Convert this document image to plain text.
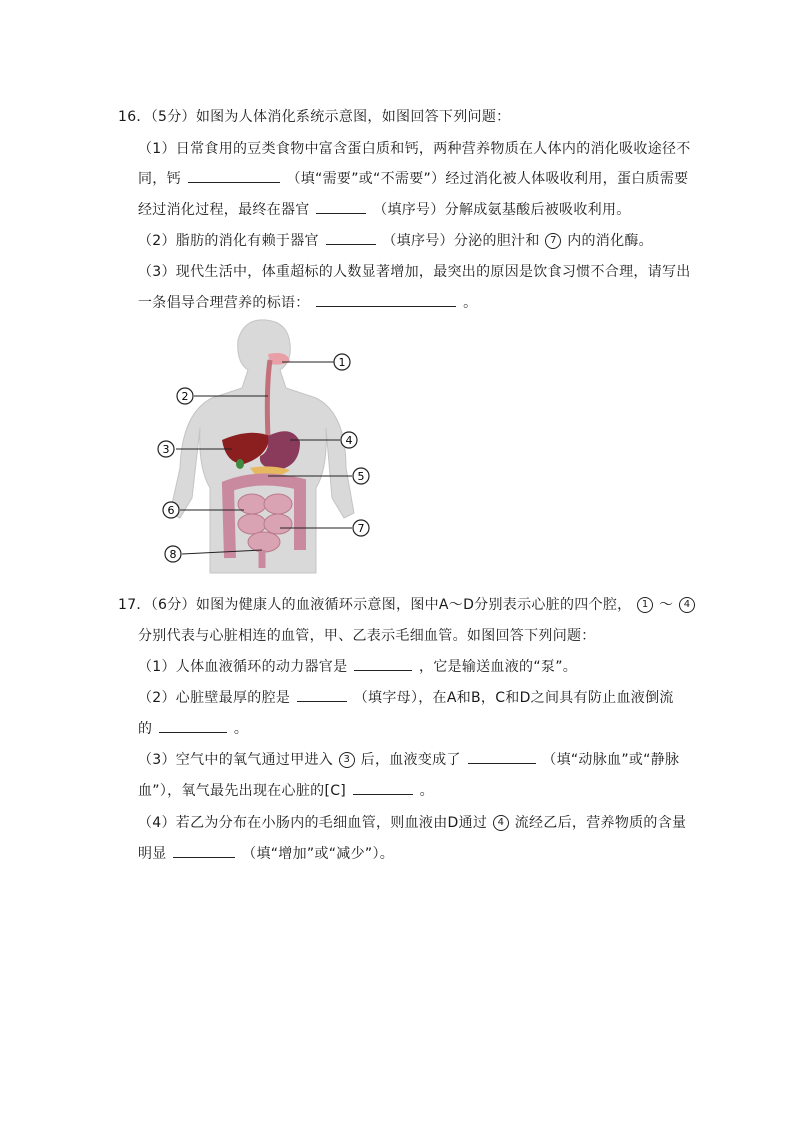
16．（5分）如图为人体消化系统示意图，如图回答下列问题：
（1）日常食用的豆类食物中富含蛋白质和钙，两种营养物质在人体内的消化吸收途径不
同，钙	（填“需要”或“不需要”）经过消化被人体吸收利用，蛋白质需要
经过消化过程，最终在器官	（填序号）分解成氨基酸后被吸收利用。
（2）脂肪的消化有赖于器官	（填序号）分泌的胆汁和 7 内的消化酶。
（3）现代生活中，体重超标的人数显著增加，最突出的原因是饮食习惯不合理，请写出
一条倡导合理营养的标语：	。
1
2
3
4
5
6
7
8
17．（6分）如图为健康人的血液循环示意图，图中A～D分别表示心脏的四个腔， 1 ～ 4
分别代表与心脏相连的血管，甲、乙表示毛细血管。如图回答下列问题：
（1）人体血液循环的动力器官是	，它是输送血液的“泵”。
（2）心脏壁最厚的腔是	（填字母），在A和B，C和D之间具有防止血液倒流
的	。
（3）空气中的氧气通过甲进入 3 后，血液变成了	（填“动脉血”或“静脉
血”），氧气最先出现在心脏的[C]	。
（4）若乙为分布在小肠内的毛细血管，则血液由D通过 4 流经乙后，营养物质的含量
明显	（填“增加”或“减少”）。
